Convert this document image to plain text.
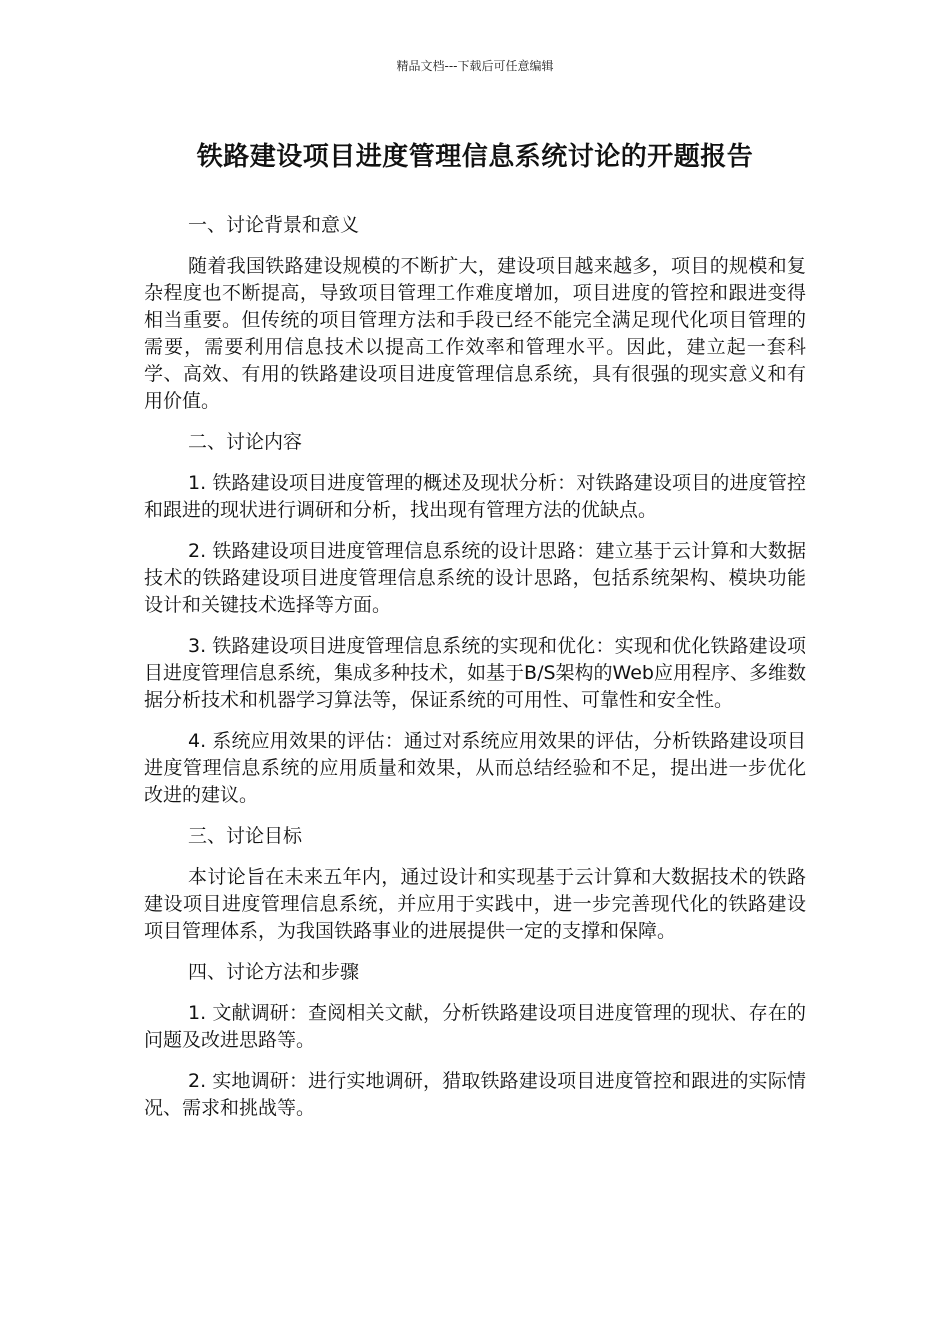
精品文档---下载后可任意编辑
铁路建设项目进度管理信息系统讨论的开题报告

一、讨论背景和意义

随着我国铁路建设规模的不断扩大，建设项目越来越多，项目的规模和复杂程度也不断提高，导致项目管理工作难度增加，项目进度的管控和跟进变得相当重要。但传统的项目管理方法和手段已经不能完全满足现代化项目管理的需要，需要利用信息技术以提高工作效率和管理水平。因此，建立起一套科学、高效、有用的铁路建设项目进度管理信息系统，具有很强的现实意义和有用价值。

二、讨论内容

1. 铁路建设项目进度管理的概述及现状分析：对铁路建设项目的进度管控和跟进的现状进行调研和分析，找出现有管理方法的优缺点。

2. 铁路建设项目进度管理信息系统的设计思路：建立基于云计算和大数据技术的铁路建设项目进度管理信息系统的设计思路，包括系统架构、模块功能设计和关键技术选择等方面。

3. 铁路建设项目进度管理信息系统的实现和优化：实现和优化铁路建设项目进度管理信息系统，集成多种技术，如基于B/S架构的Web应用程序、多维数据分析技术和机器学习算法等，保证系统的可用性、可靠性和安全性。

4. 系统应用效果的评估：通过对系统应用效果的评估，分析铁路建设项目进度管理信息系统的应用质量和效果，从而总结经验和不足，提出进一步优化改进的建议。

三、讨论目标

本讨论旨在未来五年内，通过设计和实现基于云计算和大数据技术的铁路建设项目进度管理信息系统，并应用于实践中，进一步完善现代化的铁路建设项目管理体系，为我国铁路事业的进展提供一定的支撑和保障。

四、讨论方法和步骤

1. 文献调研：查阅相关文献，分析铁路建设项目进度管理的现状、存在的问题及改进思路等。

2. 实地调研：进行实地调研，猎取铁路建设项目进度管控和跟进的实际情况、需求和挑战等。
